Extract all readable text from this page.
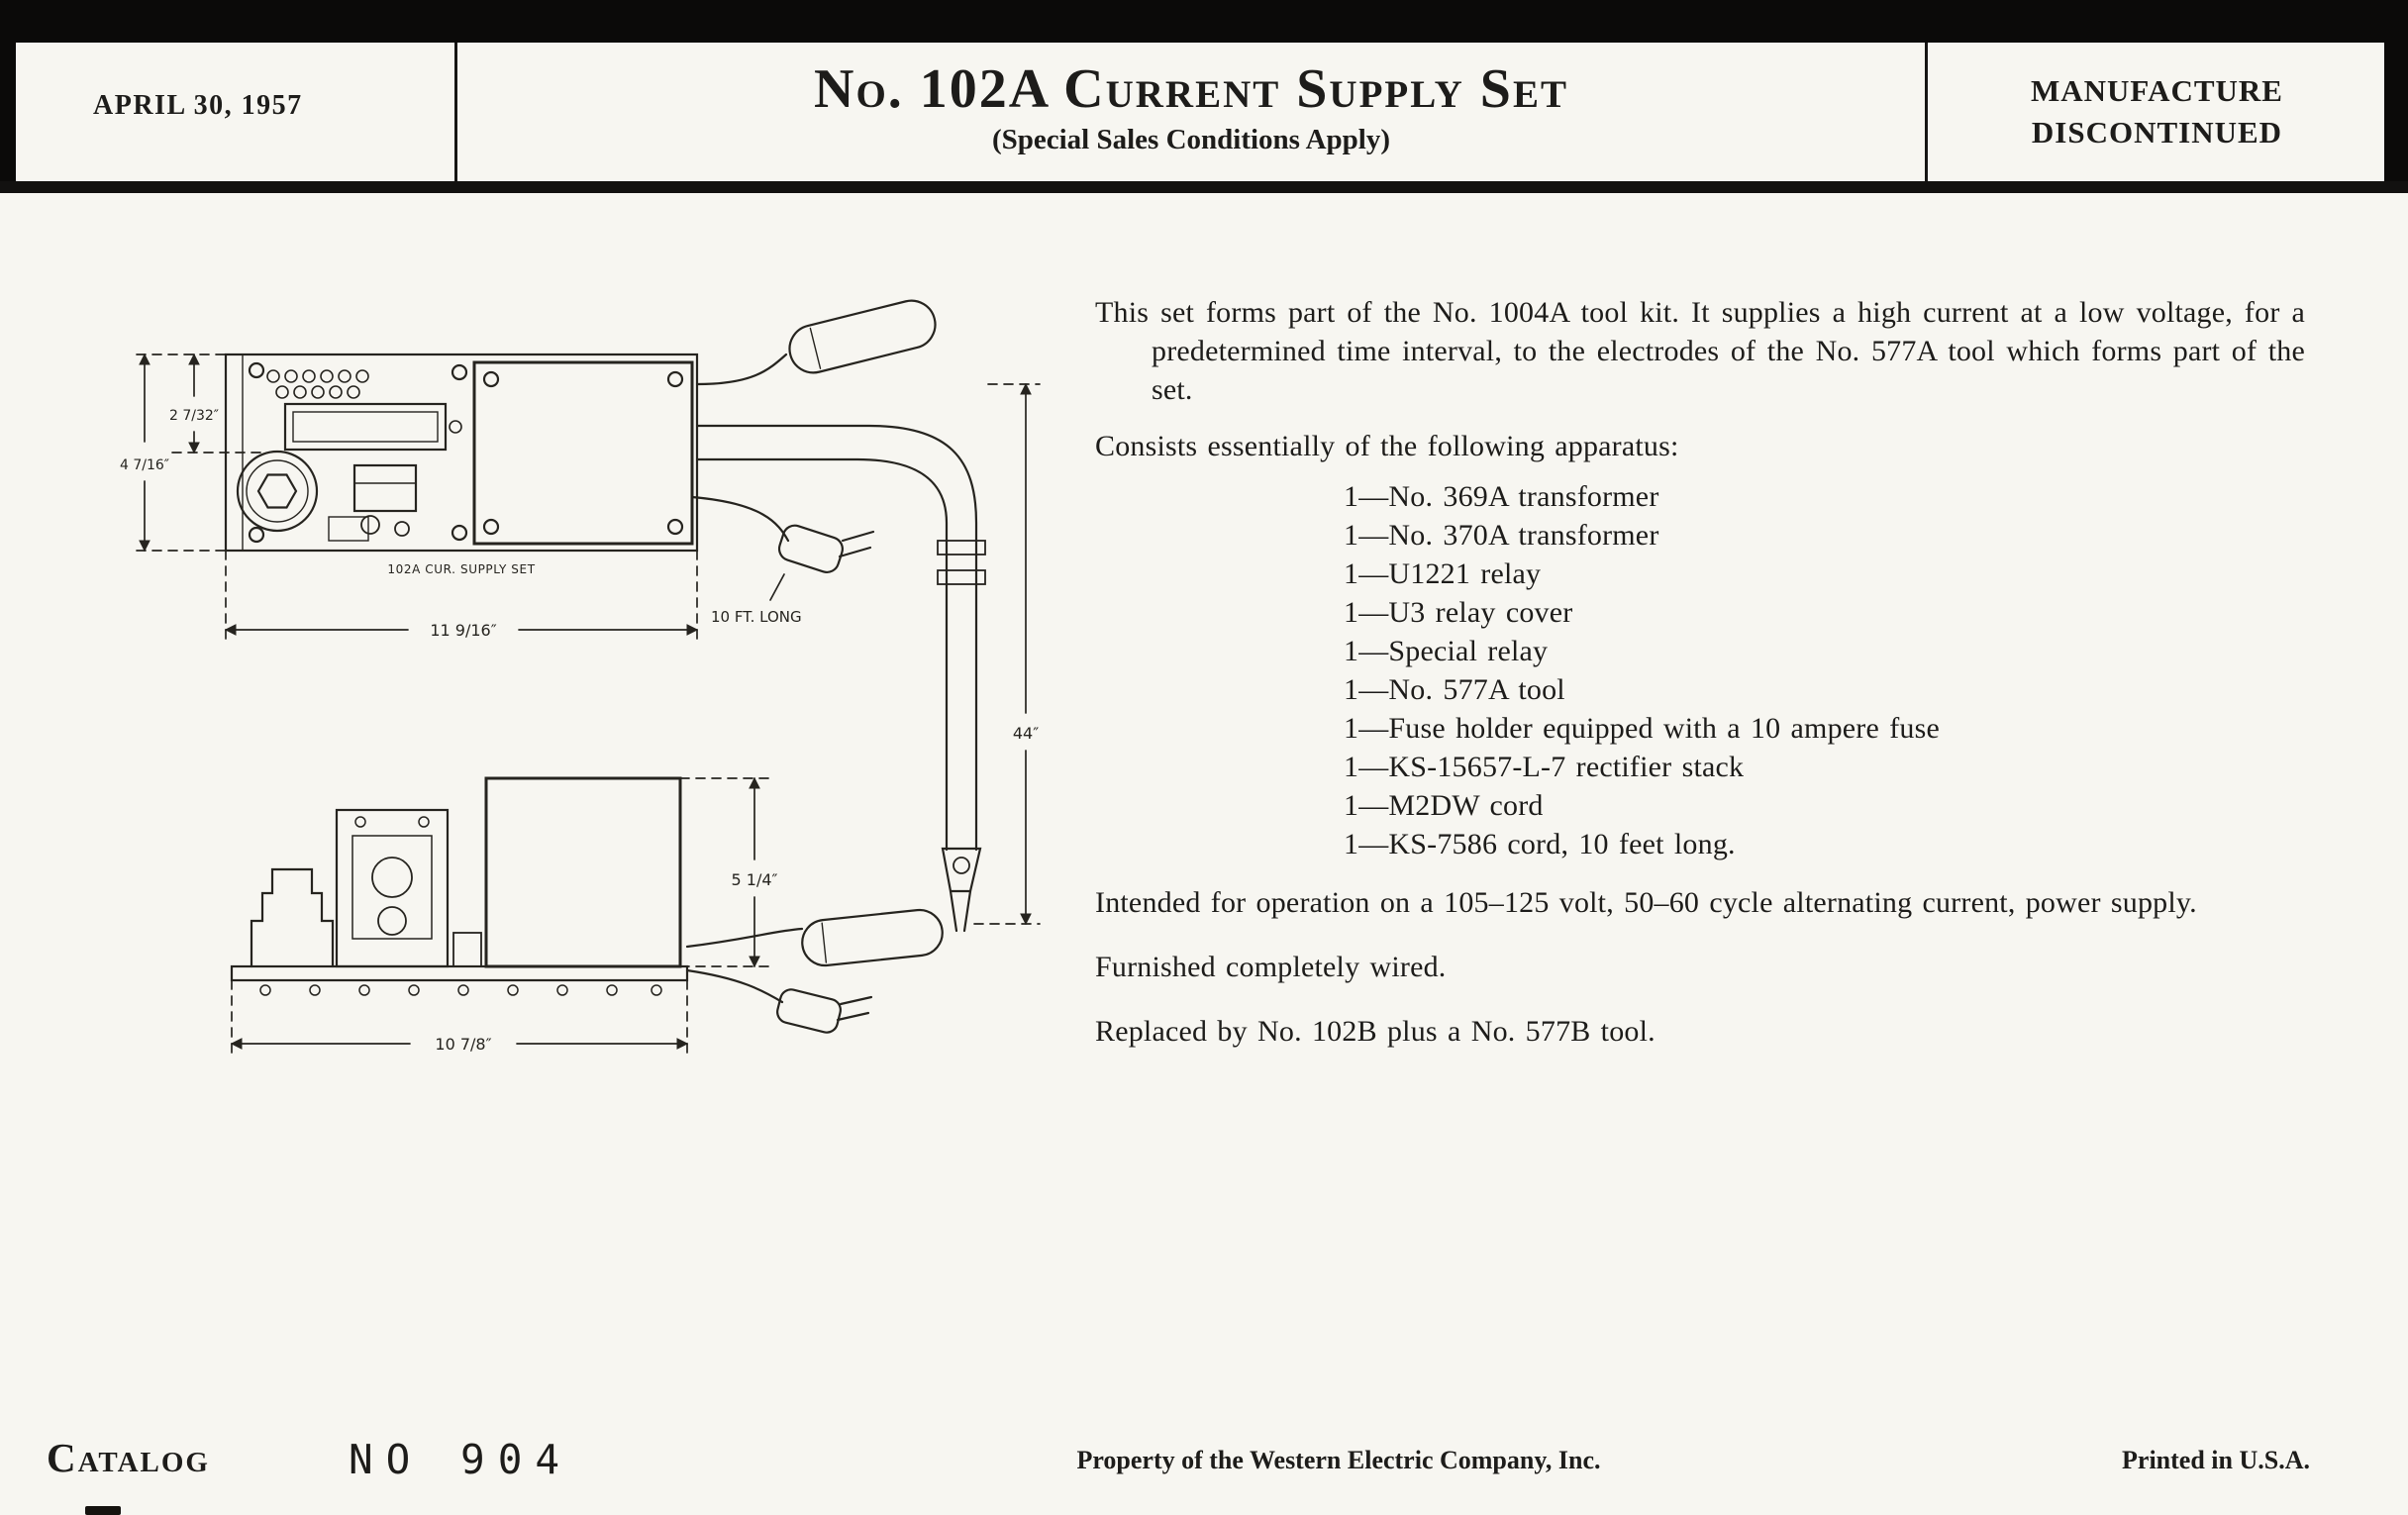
APRIL 30, 1957	No. 102A Current Supply Set
(Special Sales Conditions Apply)
MANUFACTURE
DISCONTINUED
2 7/32″
4 7/16″
11 9/16″
102A CUR. SUPPLY SET
10 FT. LONG
44″
5 1/4″
10 7/8″

This set forms part of the No. 1004A tool kit. It supplies a high current at a low voltage, for a predetermined time interval, to the electrodes of the No. 577A tool which forms part of the set.

Consists essentially of the following apparatus:

1—No. 369A transformer
1—No. 370A transformer
1—U1221 relay
1—U3 relay cover
1—Special relay
1—No. 577A tool
1—Fuse holder equipped with a 10 ampere fuse
1—KS-15657-L-7 rectifier stack
1—M2DW cord
1—KS-7586 cord, 10 feet long.

Intended for operation on a 105–125 volt, 50–60 cycle alternating current, power supply.

Furnished completely wired.

Replaced by No. 102B plus a No. 577B tool.

Catalog	NO 904	Property of the Western Electric Company, Inc.	Printed in U.S.A.
